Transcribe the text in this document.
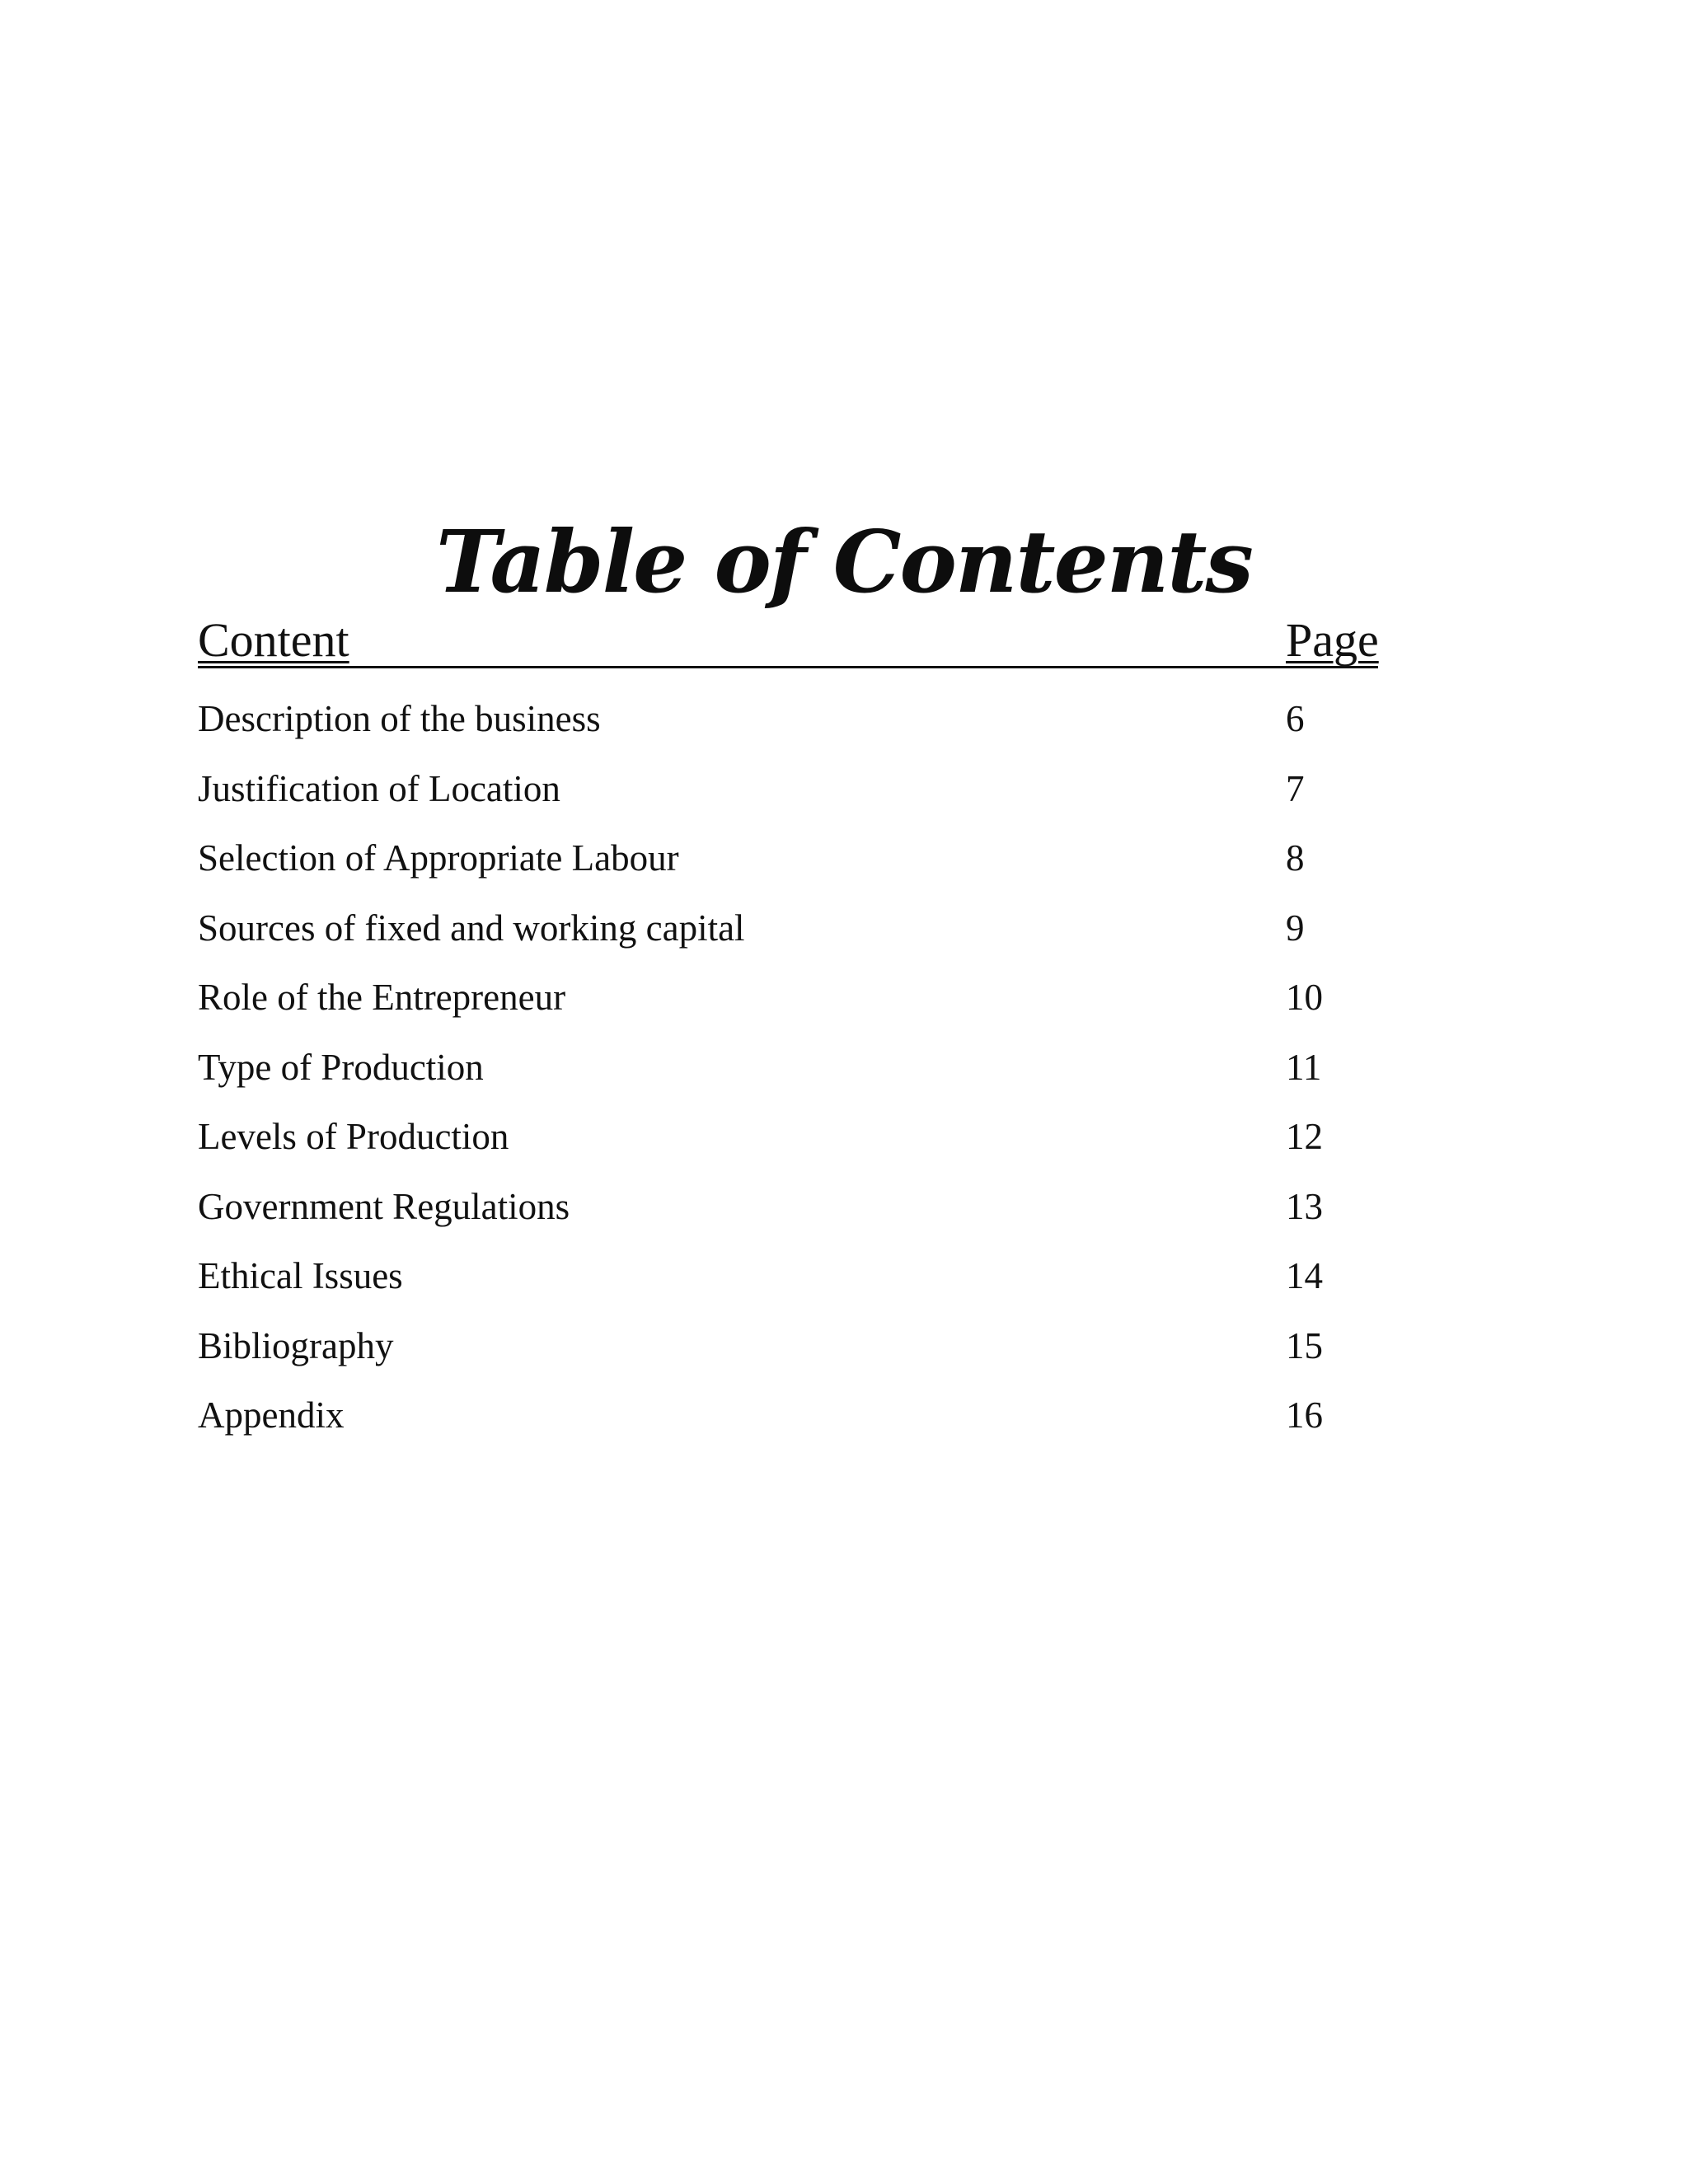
Table of Contents
Content	Page
Description of the business	6
Justification of Location	7
Selection of Appropriate Labour	8
Sources of fixed and working capital	9
Role of the Entrepreneur	10
Type of Production	11
Levels of Production	12
Government Regulations	13
Ethical Issues	14
Bibliography	15
Appendix	16
